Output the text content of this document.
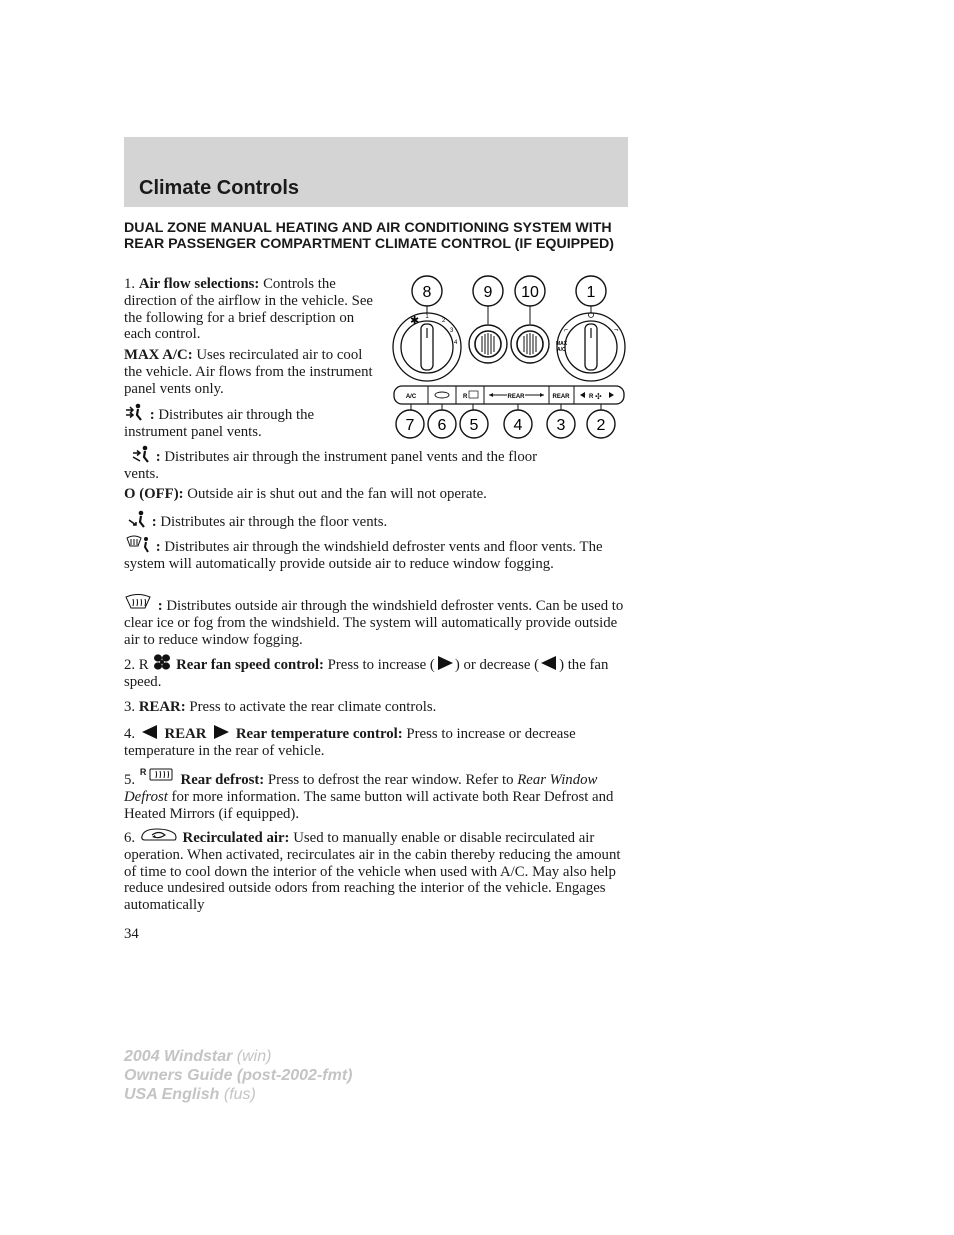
Climate Controls
DUAL ZONE MANUAL HEATING AND AIR CONDITIONING SYSTEM WITH REAR PASSENGER COMPARTMENT CLIMATE CONTROL (IF EQUIPPED)
8	9 10	1
✱ 1
2
3
4
⌐	¬
MAX
A/C
A/C	R	REAR	REAR	R ✣
7 6 5 4 3 2
1. Air flow selections: Controls the direction of the airflow in the vehicle. See the following for a brief description on each control.
MAX A/C: Uses recirculated air to cool the vehicle. Air flows from the instrument panel vents only.
: Distributes air through the instrument panel vents.
: Distributes air through the instrument panel vents and the floor vents.
O (OFF): Outside air is shut out and the fan will not operate.
: Distributes air through the floor vents.
: Distributes air through the windshield defroster vents and floor vents. The system will automatically provide outside air to reduce window fogging.
: Distributes outside air through the windshield defroster vents. Can be used to clear ice or fog from the windshield. The system will automatically provide outside air to reduce window fogging.
2. R Rear fan speed control: Press to increase ( ) or decrease ( ) the fan speed.
3. REAR: Press to activate the rear climate controls.
4. REAR Rear temperature control: Press to increase or decrease temperature in the rear of vehicle.
5. R Rear defrost: Press to defrost the rear window. Refer to Rear Window Defrost for more information. The same button will activate both Rear Defrost and Heated Mirrors (if equipped).
6.	Recirculated air: Used to manually enable or disable recirculated air operation. When activated, recirculates air in the cabin thereby reducing the amount of time to cool down the interior of the vehicle when used with A/C. May also help reduce undesired outside odors from reaching the interior of the vehicle. Engages automatically
34
2004 Windstar (win)
Owners Guide (post-2002-fmt)
USA English (fus)
